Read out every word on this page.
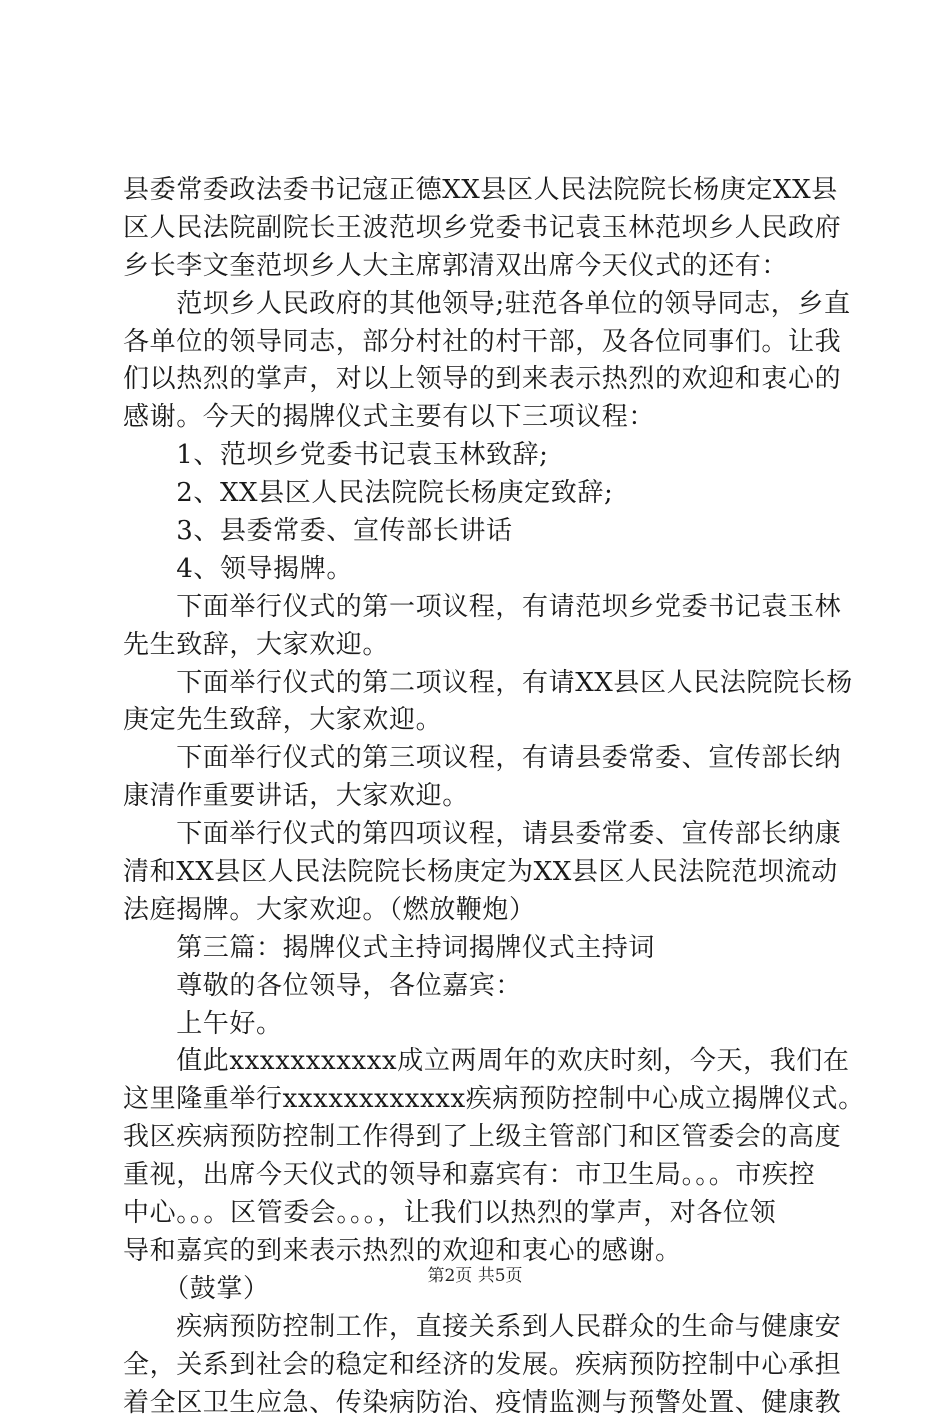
县委常委政法委书记寇正德XX县区人民法院院长杨庚定XX县
区人民法院副院长王波范坝乡党委书记袁玉林范坝乡人民政府
乡长李文奎范坝乡人大主席郭清双出席今天仪式的还有：
　　范坝乡人民政府的其他领导;驻范各单位的领导同志，乡直
各单位的领导同志，部分村社的村干部，及各位同事们。让我
们以热烈的掌声，对以上领导的到来表示热烈的欢迎和衷心的
感谢。今天的揭牌仪式主要有以下三项议程：
　　1、范坝乡党委书记袁玉林致辞;
　　2、XX县区人民法院院长杨庚定致辞;
　　3、县委常委、宣传部长讲话
　　4、领导揭牌。
　　下面举行仪式的第一项议程，有请范坝乡党委书记袁玉林
先生致辞，大家欢迎。
　　下面举行仪式的第二项议程，有请XX县区人民法院院长杨
庚定先生致辞，大家欢迎。
　　下面举行仪式的第三项议程，有请县委常委、宣传部长纳
康清作重要讲话，大家欢迎。
　　下面举行仪式的第四项议程，请县委常委、宣传部长纳康
清和XX县区人民法院院长杨庚定为XX县区人民法院范坝流动
法庭揭牌。大家欢迎。（燃放鞭炮）
　　第三篇：揭牌仪式主持词揭牌仪式主持词
　　尊敬的各位领导，各位嘉宾：
　　上午好。
　　值此xxxxxxxxxxx成立两周年的欢庆时刻，今天，我们在
这里隆重举行xxxxxxxxxxxx疾病预防控制中心成立揭牌仪式。
我区疾病预防控制工作得到了上级主管部门和区管委会的高度
重视，出席今天仪式的领导和嘉宾有：市卫生局。。。市疾控
中心。。。区管委会。。。，让我们以热烈的掌声，对各位领
导和嘉宾的到来表示热烈的欢迎和衷心的感谢。
　　（鼓掌）
　　疾病预防控制工作，直接关系到人民群众的生命与健康安
全，关系到社会的稳定和经济的发展。疾病预防控制中心承担
着全区卫生应急、传染病防治、疫情监测与预警处置、健康教
第2页 共5页
